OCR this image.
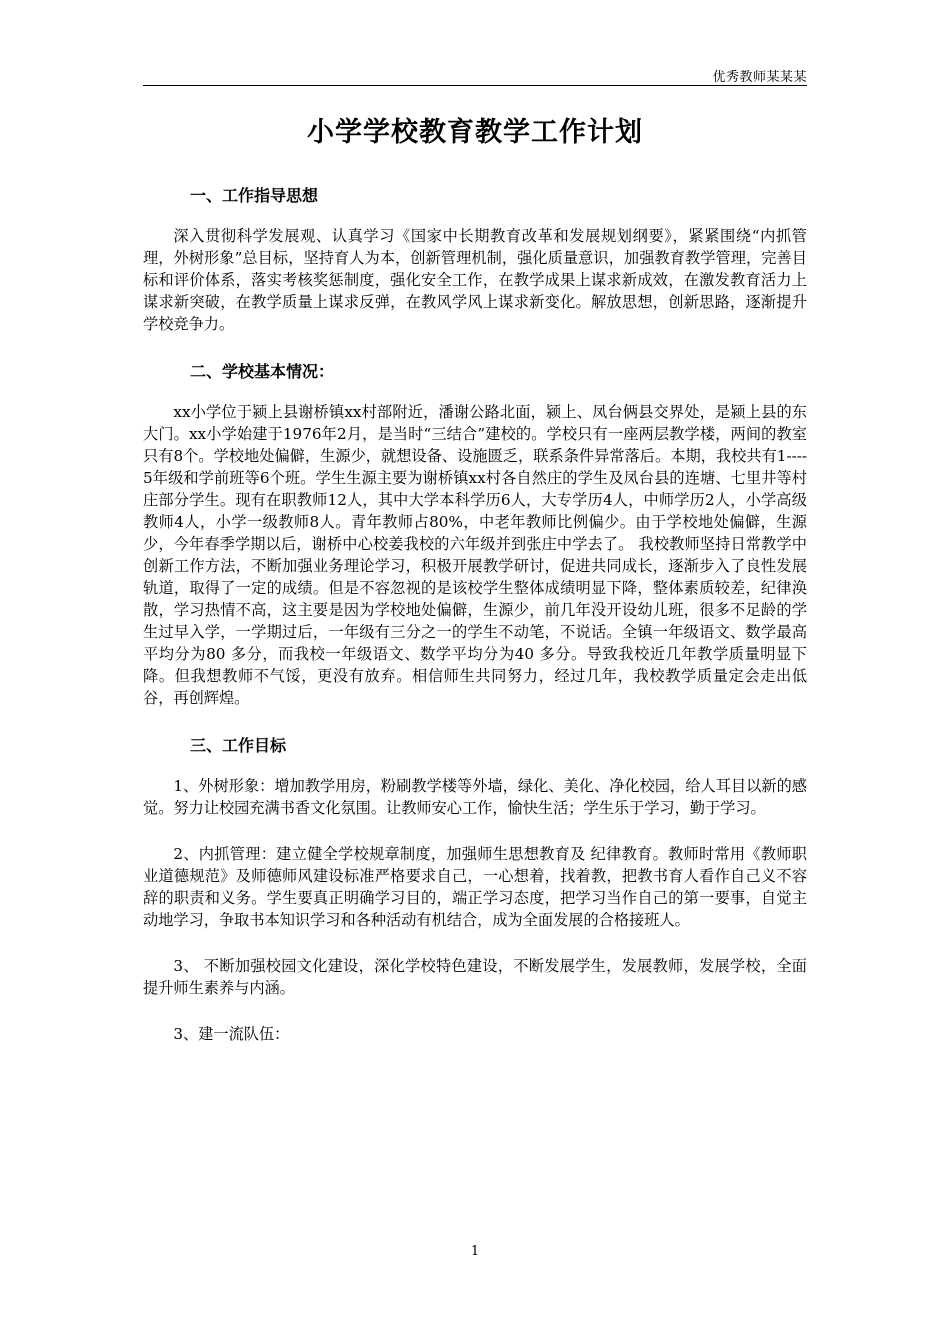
优秀教师某某某
小学学校教育教学工作计划
一、工作指导思想

深入贯彻科学发展观、认真学习《国家中长期教育改革和发展规划纲要》，紧紧围绕“内抓管理，外树形象”总目标，坚持育人为本，创新管理机制，强化质量意识，加强教育教学管理，完善目标和评价体系，落实考核奖惩制度，强化安全工作，在教学成果上谋求新成效，在激发教育活力上谋求新突破，在教学质量上谋求反弹，在教风学风上谋求新变化。解放思想，创新思路，逐渐提升学校竞争力。

二、学校基本情况：

xx小学位于颍上县谢桥镇xx村部附近，潘谢公路北面，颍上、凤台俩县交界处，是颍上县的东大门。xx小学始建于1976年2月，是当时“三结合”建校的。学校只有一座两层教学楼，两间的教室只有8个。学校地处偏僻，生源少，就想设备、设施匮乏，联系条件异常落后。本期，我校共有1----5年级和学前班等6个班。学生生源主要为谢桥镇xx村各自然庄的学生及凤台县的连塘、七里井等村庄部分学生。现有在职教师12人，其中大学本科学历6人，大专学历4人，中师学历2人，小学高级教师4人，小学一级教师8人。青年教师占80%，中老年教师比例偏少。由于学校地处偏僻，生源少，今年春季学期以后，谢桥中心校姜我校的六年级并到张庄中学去了。 我校教师坚持日常教学中创新工作方法，不断加强业务理论学习，积极开展教学研讨，促进共同成长，逐渐步入了良性发展轨道，取得了一定的成绩。但是不容忽视的是该校学生整体成绩明显下降，整体素质较差，纪律涣散，学习热情不高，这主要是因为学校地处偏僻，生源少，前几年没开设幼儿班，很多不足龄的学生过早入学，一学期过后，一年级有三分之一的学生不动笔，不说话。全镇一年级语文、数学最高平均分为80 多分，而我校一年级语文、数学平均分为40 多分。导致我校近几年教学质量明显下降。但我想教师不气馁，更没有放弃。相信师生共同努力，经过几年，我校教学质量定会走出低谷，再创辉煌。

三、工作目标

1、外树形象：增加教学用房，粉刷教学楼等外墙，绿化、美化、净化校园，给人耳目以新的感觉。努力让校园充满书香文化氛围。让教师安心工作，愉快生活；学生乐于学习，勤于学习。

2、内抓管理：建立健全学校规章制度，加强师生思想教育及 纪律教育。教师时常用《教师职业道德规范》及师德师风建设标准严格要求自己，一心想着，找着教，把教书育人看作自己义不容辞的职责和义务。学生要真正明确学习目的，端正学习态度，把学习当作自己的第一要事，自觉主动地学习，争取书本知识学习和各种活动有机结合，成为全面发展的合格接班人。

3、 不断加强校园文化建设，深化学校特色建设，不断发展学生，发展教师，发展学校，全面提升师生素养与内涵。

3、建一流队伍：

1
